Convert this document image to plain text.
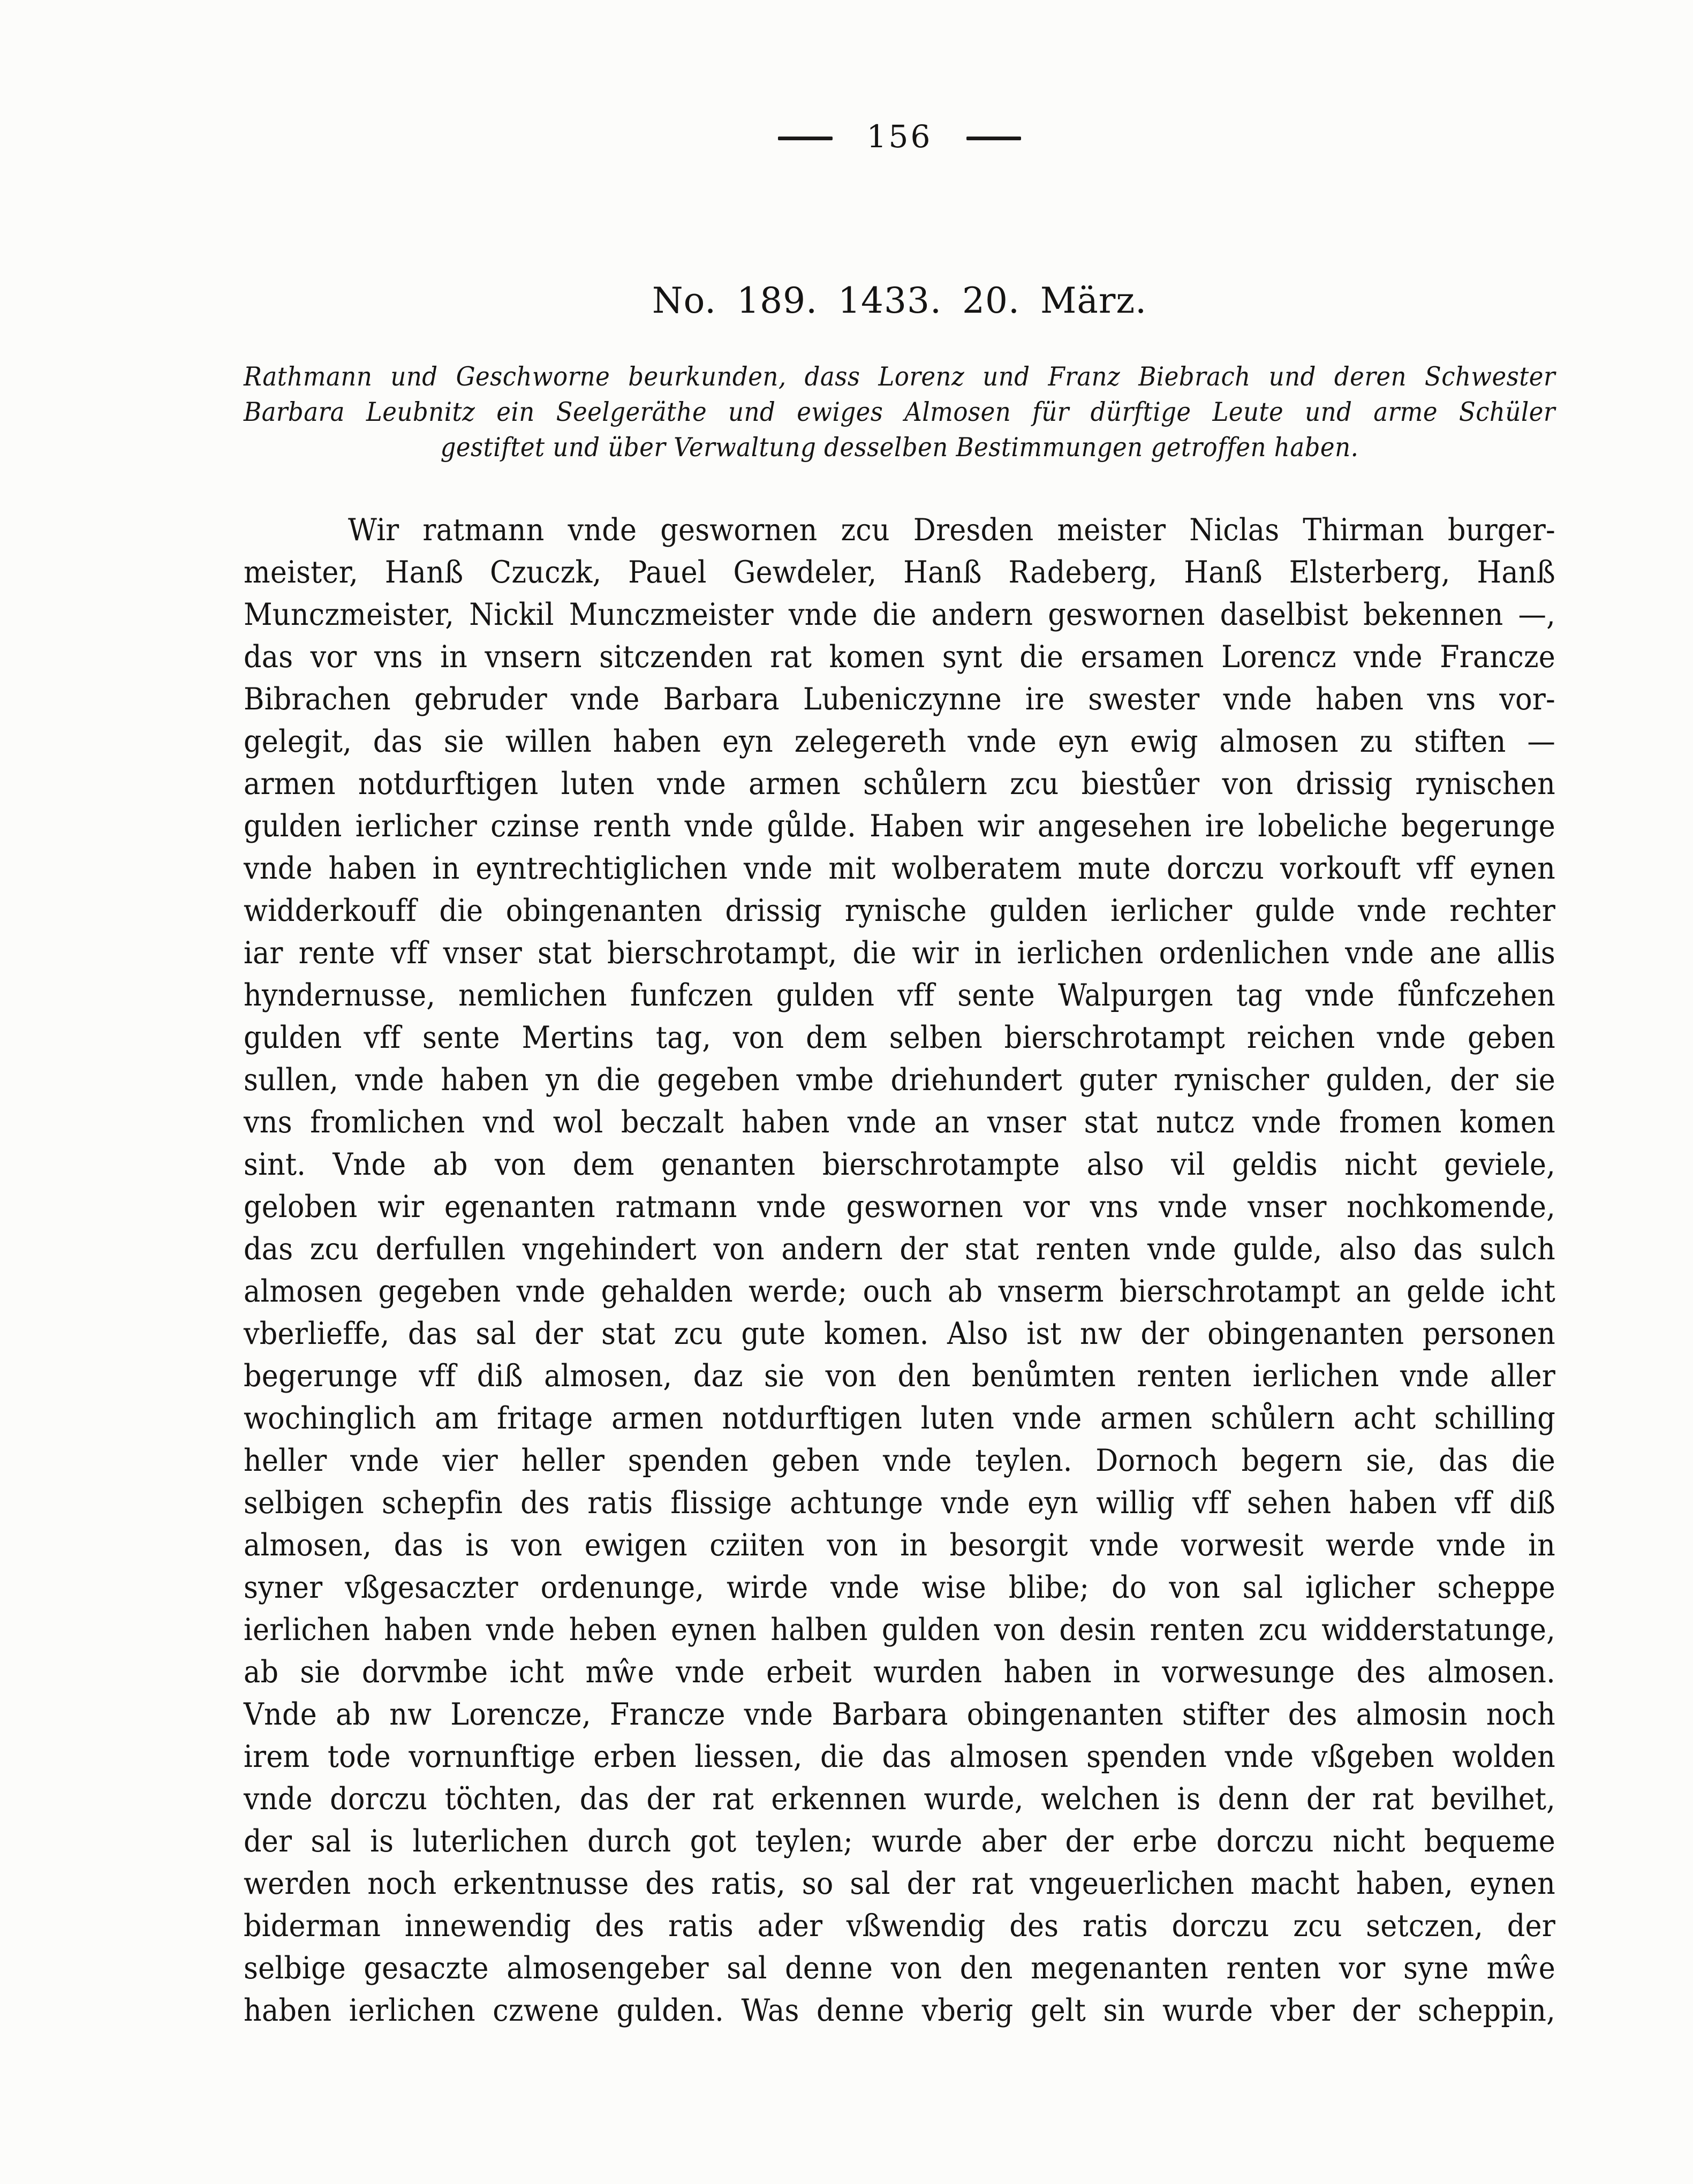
156
No. 189. 1433. 20. März.
Rathmann und Geschworne beurkunden, dass Lorenz und Franz Biebrach und deren Schwester
Barbara Leubnitz ein Seelgeräthe und ewiges Almosen für dürftige Leute und arme Schüler
gestiftet und über Verwaltung desselben Bestimmungen getroffen haben.
Wir ratmann vnde geswornen zcu Dresden meister Niclas Thirman burger-
meister, Hanß Czuczk, Pauel Gewdeler, Hanß Radeberg, Hanß Elsterberg, Hanß
Munczmeister, Nickil Munczmeister vnde die andern geswornen daselbist bekennen —,
das vor vns in vnsern sitczenden rat komen synt die ersamen Lorencz vnde Francze
Bibrachen gebruder vnde Barbara Lubeniczynne ire swester vnde haben vns vor-
gelegit, das sie willen haben eyn zelegereth vnde eyn ewig almosen zu stiften —
armen notdurftigen luten vnde armen schůlern zcu biestůer von drissig rynischen
gulden ierlicher czinse renth vnde gůlde. Haben wir angesehen ire lobeliche begerunge
vnde haben in eyntrechtiglichen vnde mit wolberatem mute dorczu vorkouft vff eynen
widderkouff die obingenanten drissig rynische gulden ierlicher gulde vnde rechter
iar rente vff vnser stat bierschrotampt, die wir in ierlichen ordenlichen vnde ane allis
hyndernusse, nemlichen funfczen gulden vff sente Walpurgen tag vnde fůnfczehen
gulden vff sente Mertins tag, von dem selben bierschrotampt reichen vnde geben
sullen, vnde haben yn die gegeben vmbe driehundert guter rynischer gulden, der sie
vns fromlichen vnd wol beczalt haben vnde an vnser stat nutcz vnde fromen komen
sint. Vnde ab von dem genanten bierschrotampte also vil geldis nicht geviele,
geloben wir egenanten ratmann vnde geswornen vor vns vnde vnser nochkomende,
das zcu derfullen vngehindert von andern der stat renten vnde gulde, also das sulch
almosen gegeben vnde gehalden werde; ouch ab vnserm bierschrotampt an gelde icht
vberlieffe, das sal der stat zcu gute komen. Also ist nw der obingenanten personen
begerunge vff diß almosen, daz sie von den benůmten renten ierlichen vnde aller
wochinglich am fritage armen notdurftigen luten vnde armen schůlern acht schilling
heller vnde vier heller spenden geben vnde teylen. Dornoch begern sie, das die
selbigen schepfin des ratis flissige achtunge vnde eyn willig vff sehen haben vff diß
almosen, das is von ewigen cziiten von in besorgit vnde vorwesit werde vnde in
syner vßgesaczter ordenunge, wirde vnde wise blibe; do von sal iglicher scheppe
ierlichen haben vnde heben eynen halben gulden von desin renten zcu widderstatunge,
ab sie dorvmbe icht mŵe vnde erbeit wurden haben in vorwesunge des almosen.
Vnde ab nw Lorencze, Francze vnde Barbara obingenanten stifter des almosin noch
irem tode vornunftige erben liessen, die das almosen spenden vnde vßgeben wolden
vnde dorczu töchten, das der rat erkennen wurde, welchen is denn der rat bevilhet,
der sal is luterlichen durch got teylen; wurde aber der erbe dorczu nicht bequeme
werden noch erkentnusse des ratis, so sal der rat vngeuerlichen macht haben, eynen
biderman innewendig des ratis ader vßwendig des ratis dorczu zcu setczen, der
selbige gesaczte almosengeber sal denne von den megenanten renten vor syne mŵe
haben ierlichen czwene gulden. Was denne vberig gelt sin wurde vber der scheppin,
